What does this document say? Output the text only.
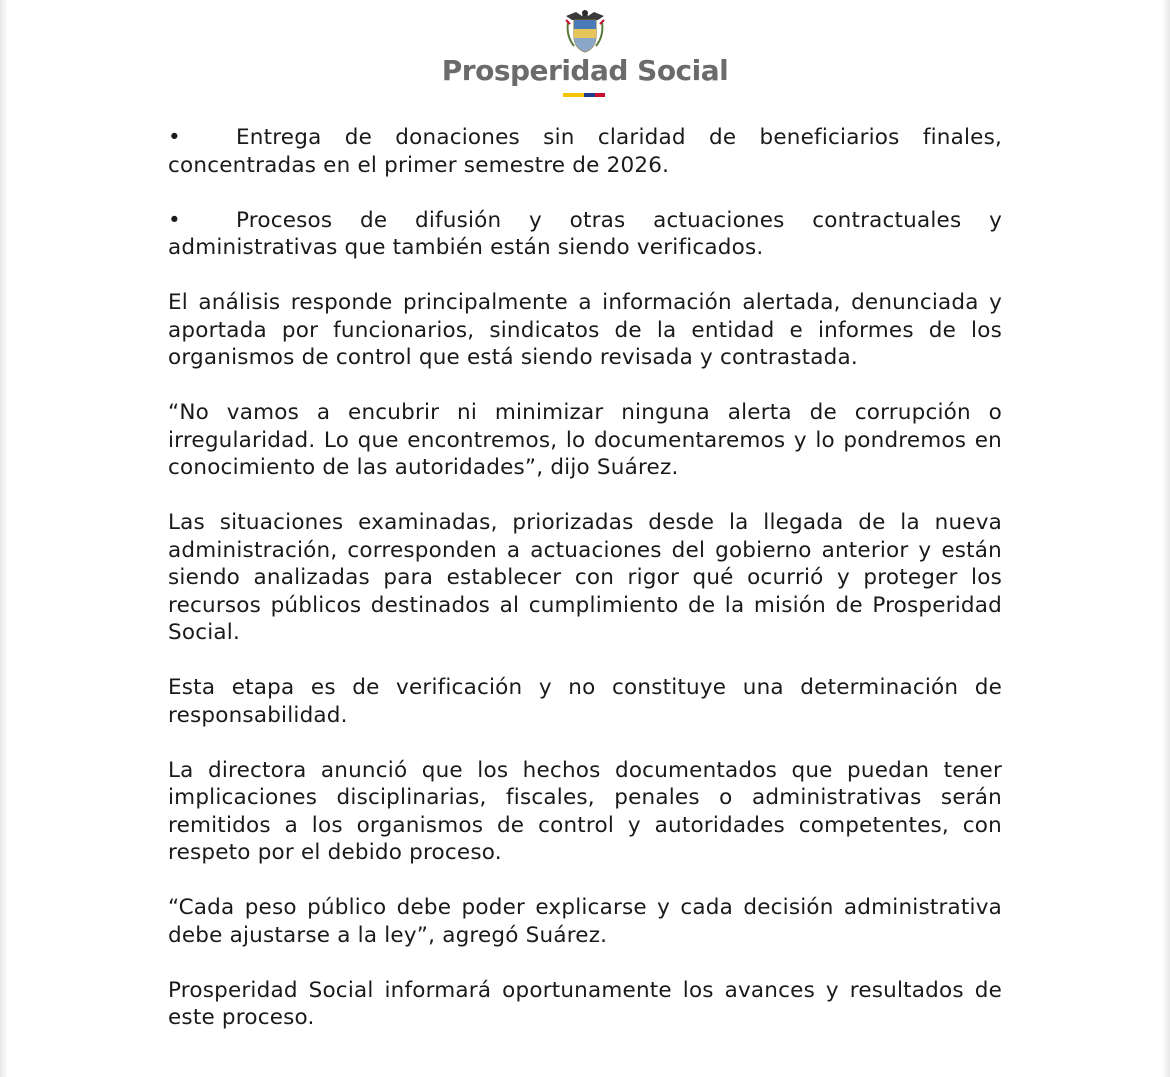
Prosperidad Social

•	Entrega de donaciones sin claridad de beneficiarios finales, concentradas en el primer semestre de 2026.

•	Procesos de difusión y otras actuaciones contractuales y administrativas que también están siendo verificados.

El análisis responde principalmente a información alertada, denunciada y aportada por funcionarios, sindicatos de la entidad e informes de los organismos de control que está siendo revisada y contrastada.

“No vamos a encubrir ni minimizar ninguna alerta de corrupción o irregularidad. Lo que encontremos, lo documentaremos y lo pondremos en conocimiento de las autoridades”, dijo Suárez.

Las situaciones examinadas, priorizadas desde la llegada de la nueva administración, corresponden a actuaciones del gobierno anterior y están siendo analizadas para establecer con rigor qué ocurrió y proteger los recursos públicos destinados al cumplimiento de la misión de Prosperidad Social.

Esta etapa es de verificación y no constituye una determinación de responsabilidad.

La directora anunció que los hechos documentados que puedan tener implicaciones disciplinarias, fiscales, penales o administrativas serán remitidos a los organismos de control y autoridades competentes, con respeto por el debido proceso.

“Cada peso público debe poder explicarse y cada decisión administrativa debe ajustarse a la ley”, agregó Suárez.

Prosperidad Social informará oportunamente los avances y resultados de este proceso.
